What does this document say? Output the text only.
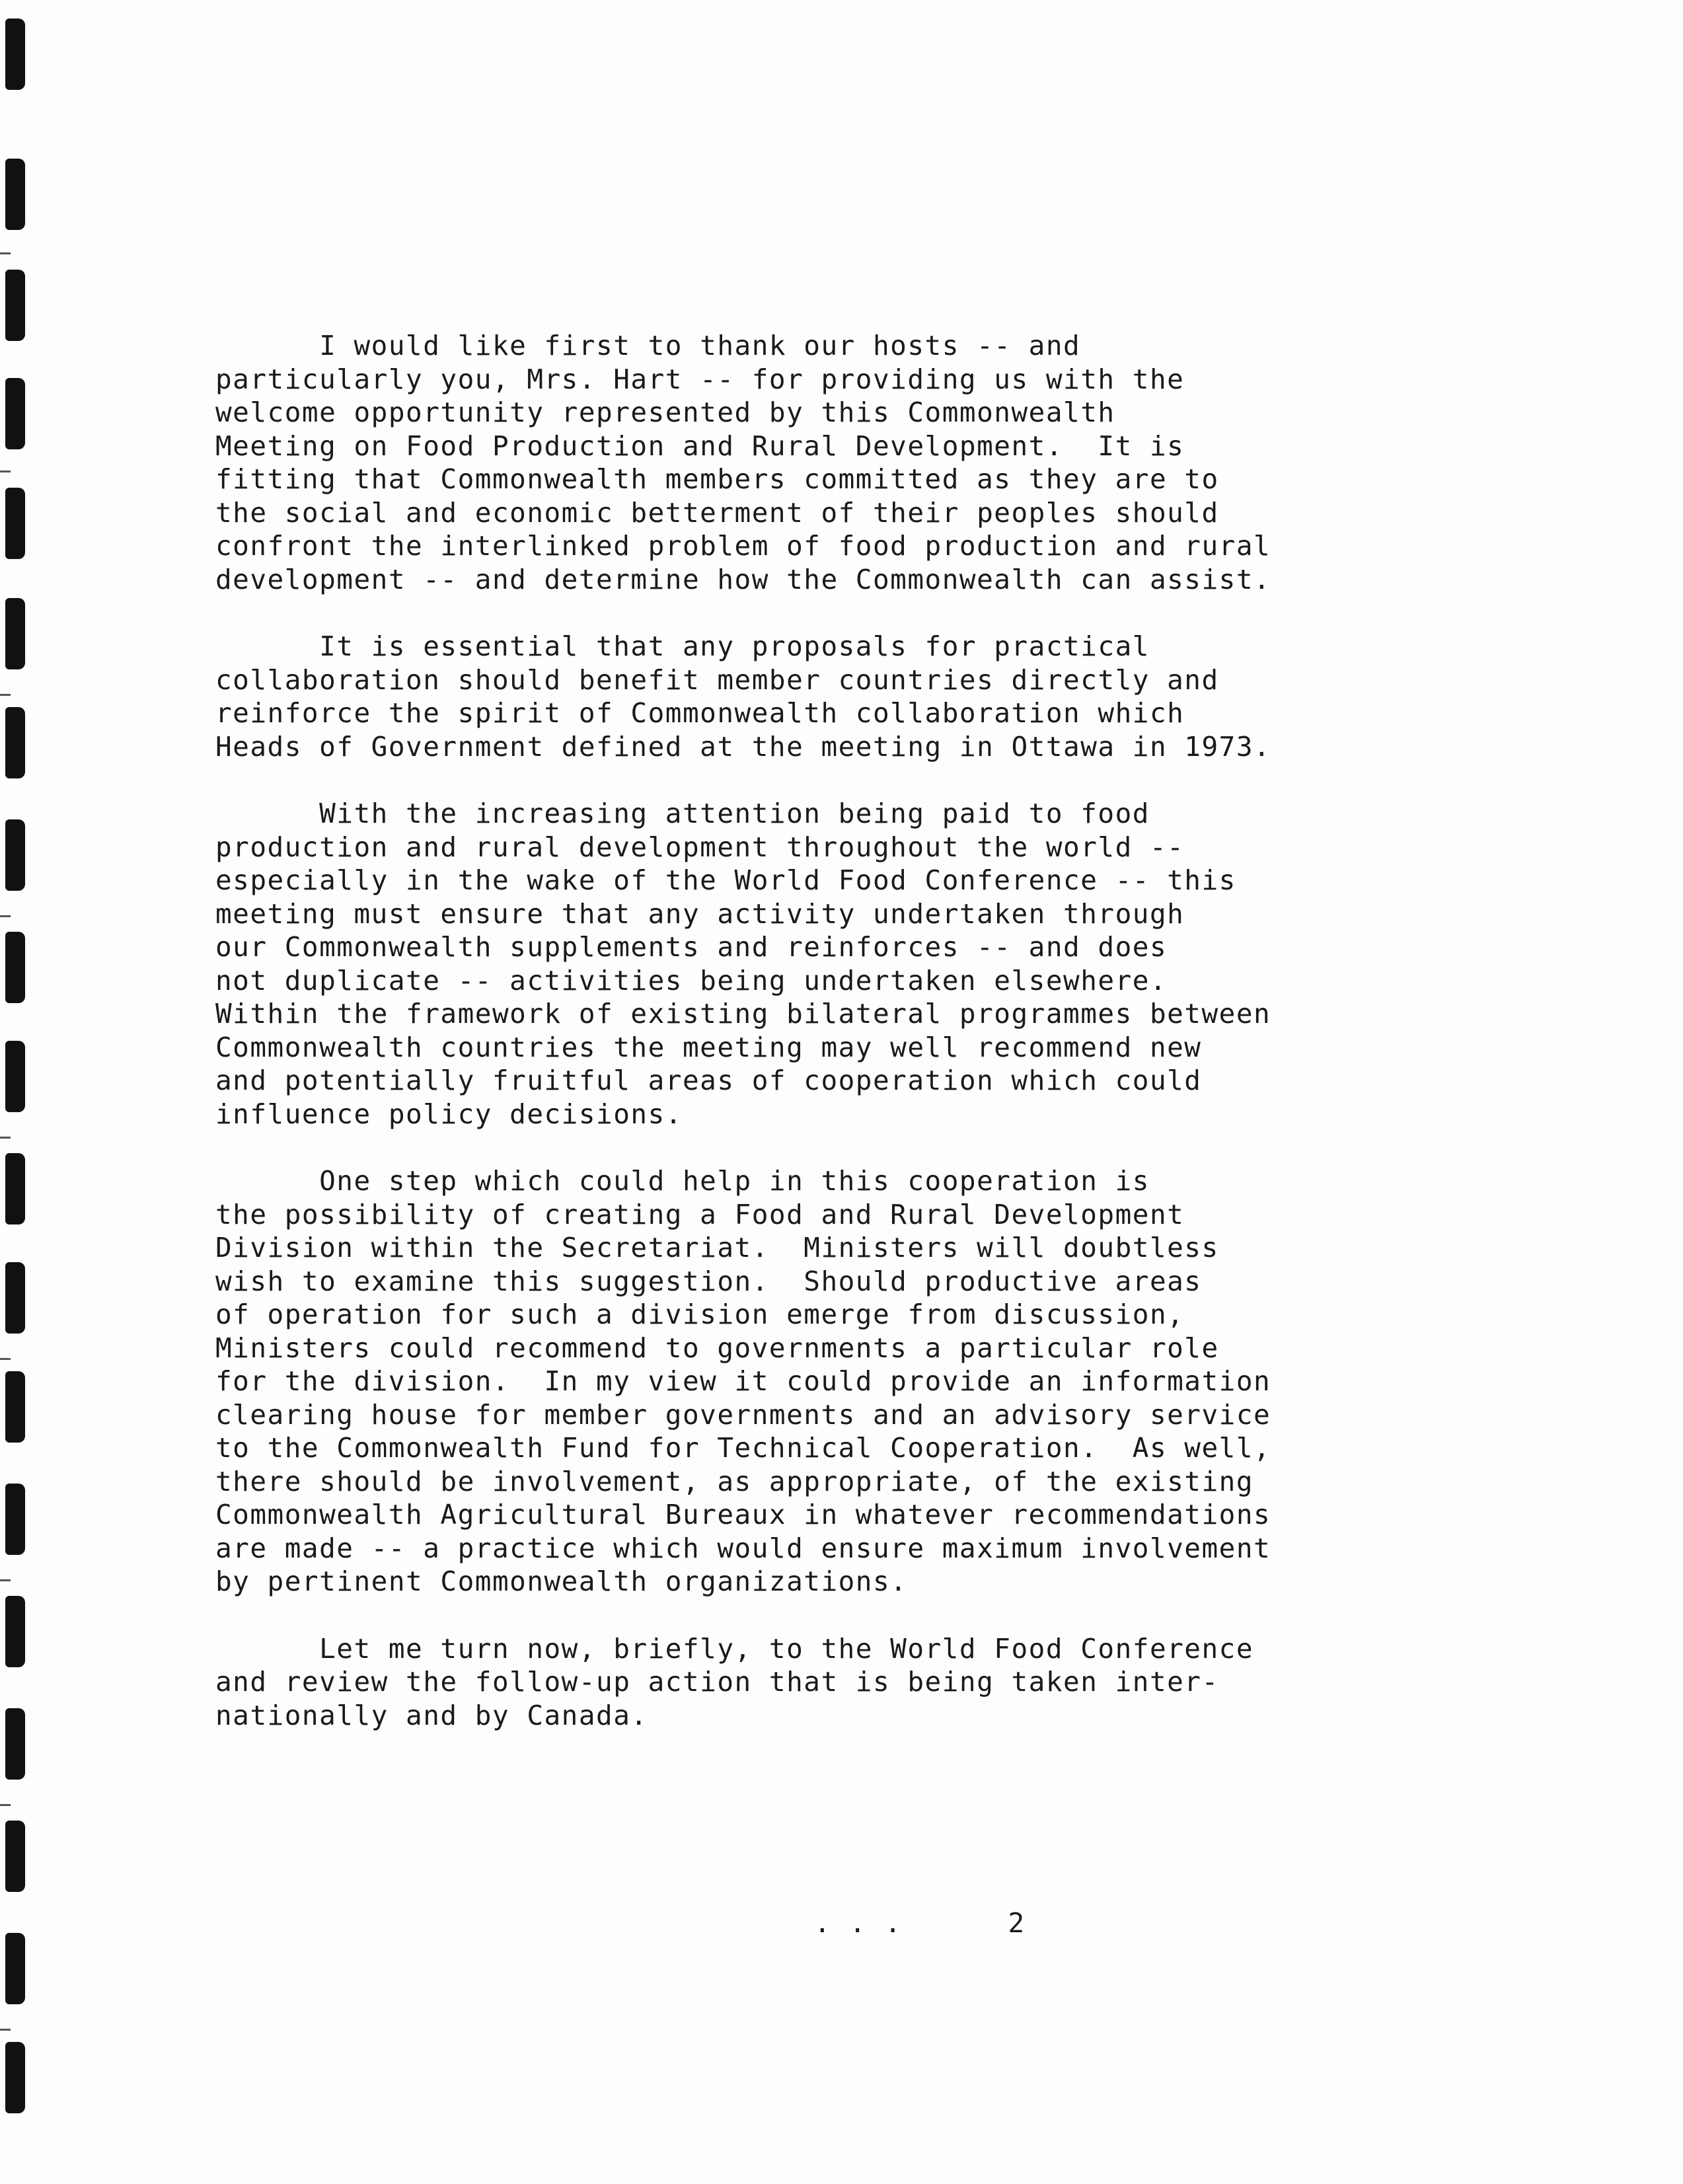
I would like first to thank our hosts -- and
particularly you, Mrs. Hart -- for providing us with the
welcome opportunity represented by this Commonwealth
Meeting on Food Production and Rural Development.  It is
fitting that Commonwealth members committed as they are to
the social and economic betterment of their peoples should
confront the interlinked problem of food production and rural
development -- and determine how the Commonwealth can assist.
It is essential that any proposals for practical
collaboration should benefit member countries directly and
reinforce the spirit of Commonwealth collaboration which
Heads of Government defined at the meeting in Ottawa in 1973.
With the increasing attention being paid to food
production and rural development throughout the world --
especially in the wake of the World Food Conference -- this
meeting must ensure that any activity undertaken through
our Commonwealth supplements and reinforces -- and does
not duplicate -- activities being undertaken elsewhere.
Within the framework of existing bilateral programmes between
Commonwealth countries the meeting may well recommend new
and potentially fruitful areas of cooperation which could
influence policy decisions.
One step which could help in this cooperation is
the possibility of creating a Food and Rural Development
Division within the Secretariat.  Ministers will doubtless
wish to examine this suggestion.  Should productive areas
of operation for such a division emerge from discussion,
Ministers could recommend to governments a particular role
for the division.  In my view it could provide an information
clearing house for member governments and an advisory service
to the Commonwealth Fund for Technical Cooperation.  As well,
there should be involvement, as appropriate, of the existing
Commonwealth Agricultural Bureaux in whatever recommendations
are made -- a practice which would ensure maximum involvement
by pertinent Commonwealth organizations.
Let me turn now, briefly, to the World Food Conference
and review the follow-up action that is being taken inter-
nationally and by Canada.
. . .	2
